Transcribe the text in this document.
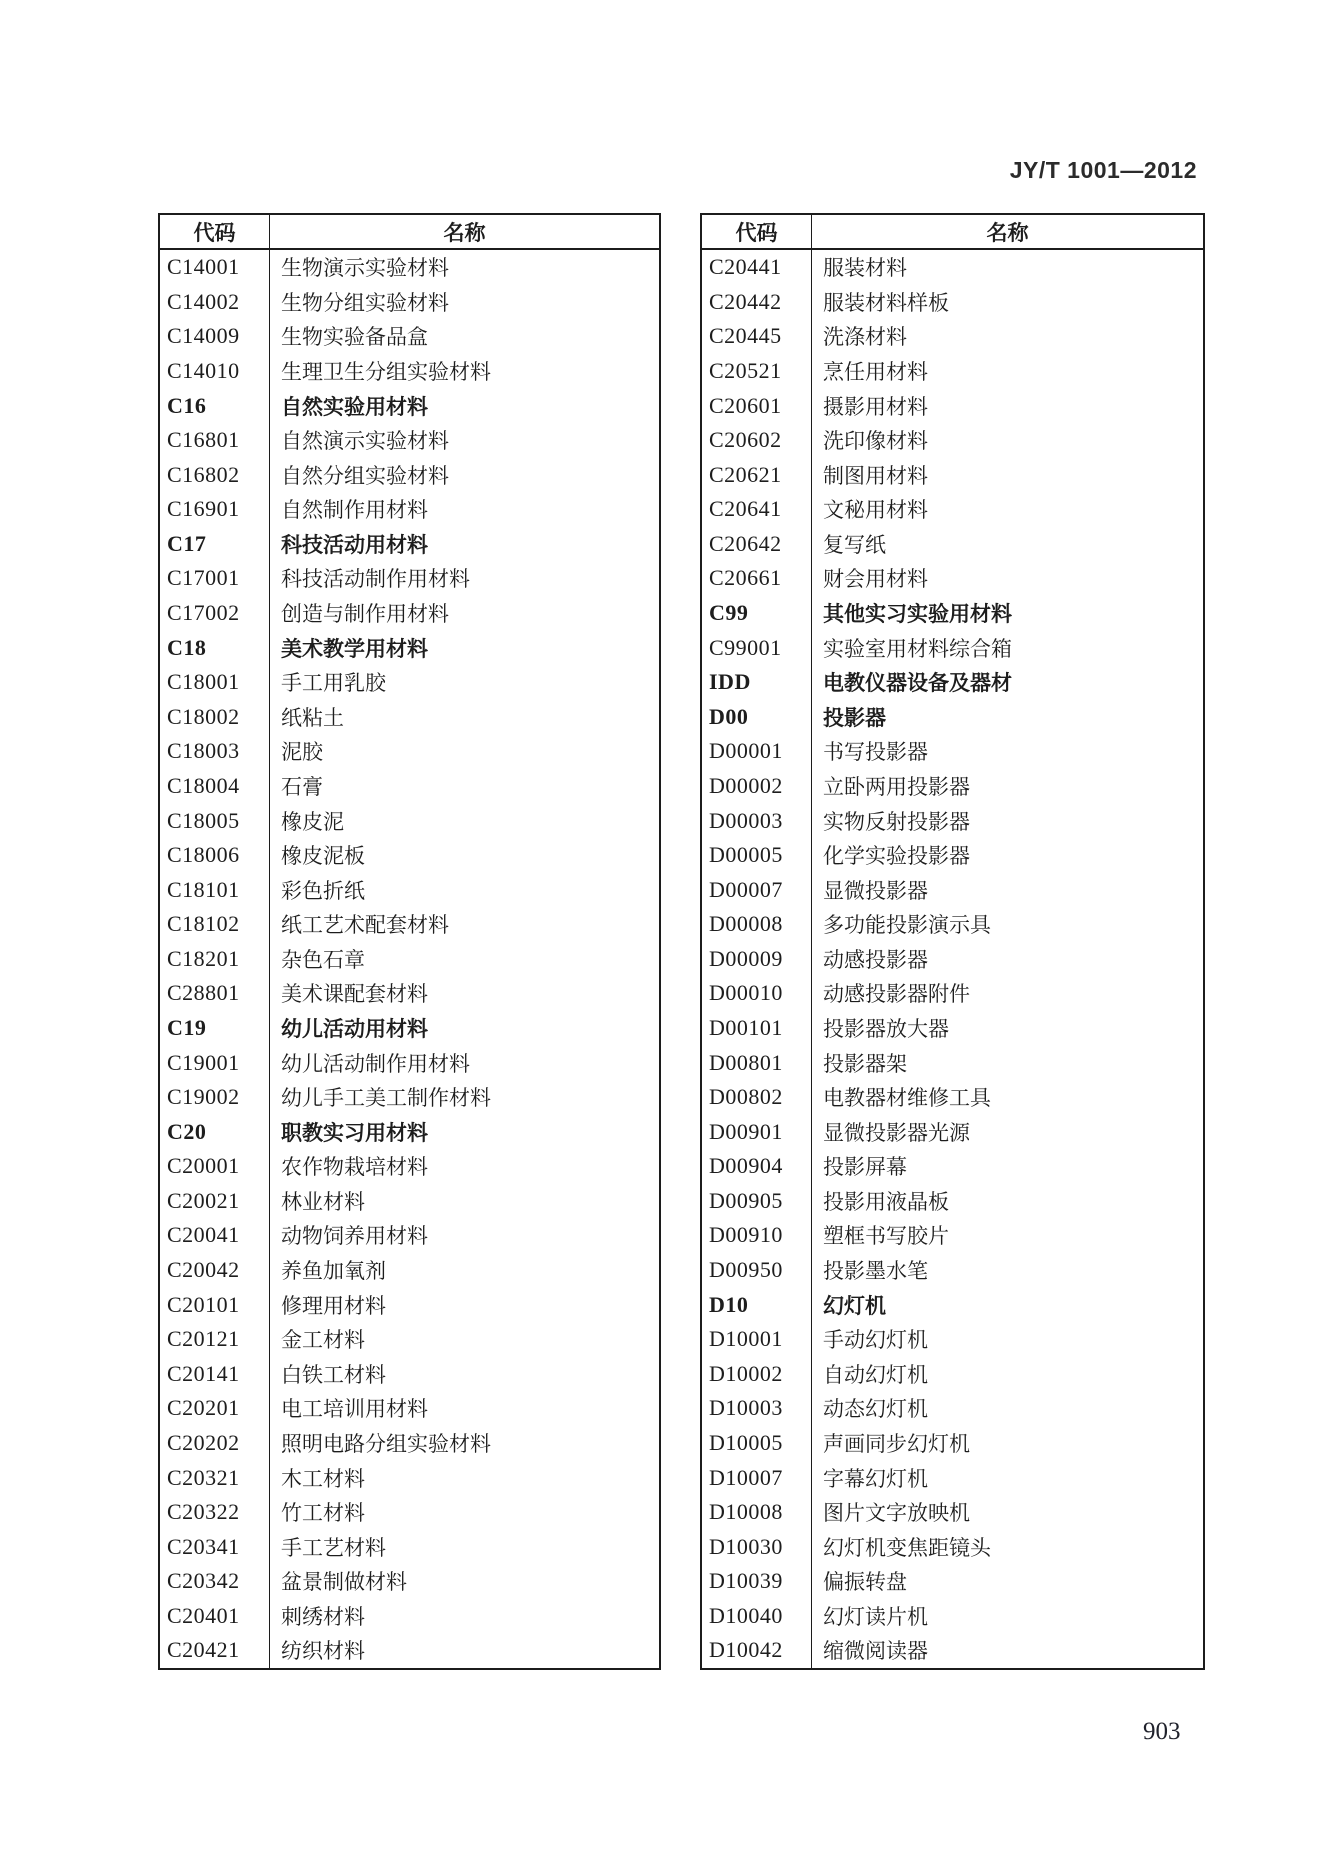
JY/T 1001—2012
代码	名称
C14001	生物演示实验材料
C14002	生物分组实验材料
C14009	生物实验备品盒
C14010	生理卫生分组实验材料
C16	自然实验用材料
C16801	自然演示实验材料
C16802	自然分组实验材料
C16901	自然制作用材料
C17	科技活动用材料
C17001	科技活动制作用材料
C17002	创造与制作用材料
C18	美术教学用材料
C18001	手工用乳胶
C18002	纸粘土
C18003	泥胶
C18004	石膏
C18005	橡皮泥
C18006	橡皮泥板
C18101	彩色折纸
C18102	纸工艺术配套材料
C18201	杂色石章
C28801	美术课配套材料
C19	幼儿活动用材料
C19001	幼儿活动制作用材料
C19002	幼儿手工美工制作材料
C20	职教实习用材料
C20001	农作物栽培材料
C20021	林业材料
C20041	动物饲养用材料
C20042	养鱼加氧剂
C20101	修理用材料
C20121	金工材料
C20141	白铁工材料
C20201	电工培训用材料
C20202	照明电路分组实验材料
C20321	木工材料
C20322	竹工材料
C20341	手工艺材料
C20342	盆景制做材料
C20401	刺绣材料
C20421	纺织材料
代码	名称
C20441	服装材料
C20442	服装材料样板
C20445	洗涤材料
C20521	烹任用材料
C20601	摄影用材料
C20602	洗印像材料
C20621	制图用材料
C20641	文秘用材料
C20642	复写纸
C20661	财会用材料
C99	其他实习实验用材料
C99001	实验室用材料综合箱
IDD	电教仪器设备及器材
D00	投影器
D00001	书写投影器
D00002	立卧两用投影器
D00003	实物反射投影器
D00005	化学实验投影器
D00007	显微投影器
D00008	多功能投影演示具
D00009	动感投影器
D00010	动感投影器附件
D00101	投影器放大器
D00801	投影器架
D00802	电教器材维修工具
D00901	显微投影器光源
D00904	投影屏幕
D00905	投影用液晶板
D00910	塑框书写胶片
D00950	投影墨水笔
D10	幻灯机
D10001	手动幻灯机
D10002	自动幻灯机
D10003	动态幻灯机
D10005	声画同步幻灯机
D10007	字幕幻灯机
D10008	图片文字放映机
D10030	幻灯机变焦距镜头
D10039	偏振转盘
D10040	幻灯读片机
D10042	缩微阅读器
903
